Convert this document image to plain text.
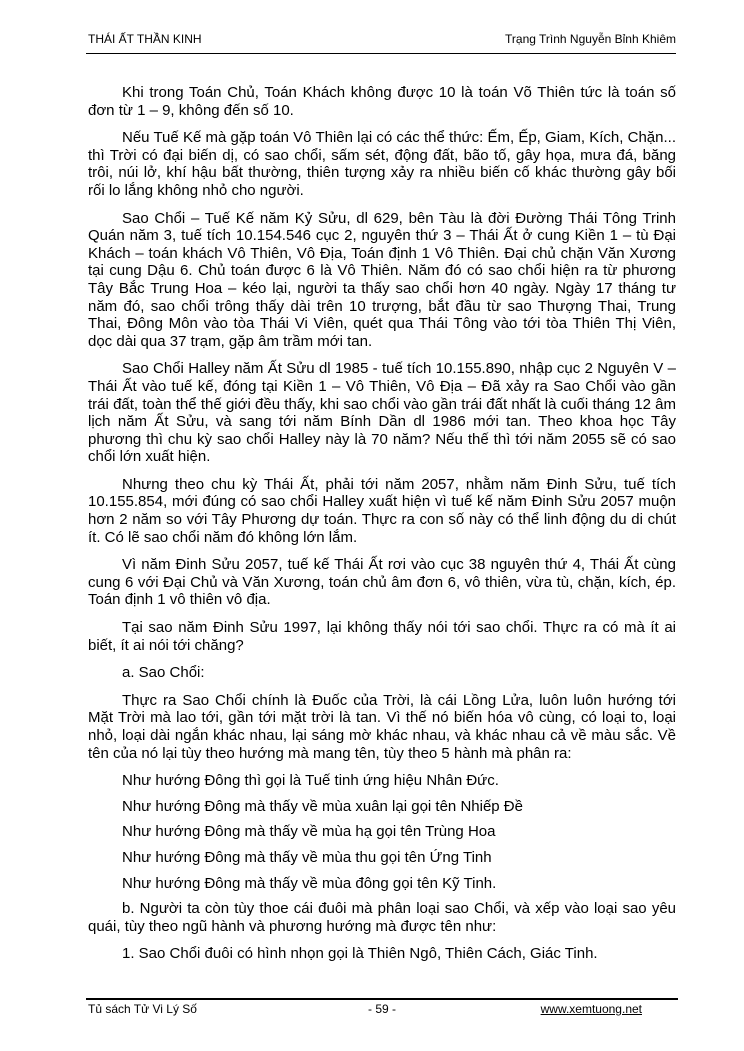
THÁI ẤT THẦN KINH	Trạng Trình Nguyễn Bỉnh Khiêm

Khi trong Toán Chủ, Toán Khách không được 10 là toán Võ Thiên tức là toán số đơn từ 1 – 9, không đến số 10.

Nếu Tuế Kế mà gặp toán Vô Thiên lại có các thể thức: Ếm, Ếp, Giam, Kích, Chặn... thì Trời có đại biến dị, có sao chổi, sấm sét, động đất, bão tố, gây họa, mưa đá, băng trôi, núi lở, khí hậu bất thường, thiên tượng xảy ra nhiều biến cố khác thường gây bối rối lo lắng không nhỏ cho người.

Sao Chổi – Tuế Kế năm Kỷ Sửu, dl 629, bên Tàu là đời Đường Thái Tông Trinh Quán năm 3, tuế tích 10.154.546 cục 2, nguyên thứ 3 – Thái Ất ở cung Kiền 1 – tù Đại Khách – toán khách Vô Thiên, Vô Địa, Toán định 1 Vô Thiên. Đại chủ chặn Văn Xương tại cung Dậu 6. Chủ toán được 6 là Vô Thiên. Năm đó có sao chổi hiện ra từ phương Tây Bắc Trung Hoa – kéo lại, người ta thấy sao chổi hơn 40 ngày. Ngày 17 tháng tư năm đó, sao chổi trông thấy dài trên 10 trượng, bắt đầu từ sao Thượng Thai, Trung Thai, Đông Môn vào tòa Thái Vi Viên, quét qua Thái Tông vào tới tòa Thiên Thị Viên, dọc dài qua 37 trạm, gặp âm trầm mới tan.

Sao Chổi Halley năm Ất Sửu dl 1985 - tuế tích 10.155.890, nhập cục 2 Nguyên V – Thái Ất vào tuế kế, đóng tại Kiền 1 – Vô Thiên, Vô Địa – Đã xảy ra Sao Chổi vào gần trái đất, toàn thể thế giới đều thấy, khi sao chổi vào gần trái đất nhất là cuối tháng 12 âm lịch năm Ất Sửu, và sang tới năm Bính Dần dl 1986 mới tan. Theo khoa học Tây phương thì chu kỳ sao chổi Halley này là 70 năm? Nếu thế thì tới năm 2055 sẽ có sao chổi lớn xuất hiện.

Nhưng theo chu kỳ Thái Ất, phải tới năm 2057, nhằm năm Đinh Sửu, tuế tích 10.155.854, mới đúng có sao chổi Halley xuất hiện vì tuế kế năm Đinh Sửu 2057 muộn hơn 2 năm so với Tây Phương dự toán. Thực ra con số này có thể linh động du di chút ít. Có lẽ sao chổi năm đó không lớn lắm.

Vì năm Đinh Sửu 2057, tuế kế Thái Ất rơi vào cục 38 nguyên thứ 4, Thái Ất cùng cung 6 với Đại Chủ và Văn Xương, toán chủ âm đơn 6, vô thiên, vừa tù, chặn, kích, ép. Toán định 1 vô thiên vô địa.

Tại sao năm Đinh Sửu 1997, lại không thấy nói tới sao chổi. Thực ra có mà ít ai biết, ít ai nói tới chăng?

a. Sao Chổi:

Thực ra Sao Chổi chính là Đuốc của Trời, là cái Lồng Lửa, luôn luôn hướng tới Mặt Trời mà lao tới, gần tới mặt trời là tan. Vì thế nó biến hóa vô cùng, có loại to, loại nhỏ, loại dài ngắn khác nhau, lại sáng mờ khác nhau, và khác nhau cả về màu sắc. Về tên của nó lại tùy theo hướng mà mang tên, tùy theo 5 hành mà phân ra:

Như hướng Đông thì gọi là Tuế tinh ứng hiệu Nhân Đức.

Như hướng Đông mà thấy về mùa xuân lại gọi tên Nhiếp Đề

Như hướng Đông mà thấy về mùa hạ gọi tên Trùng Hoa

Như hướng Đông mà thấy về mùa thu gọi tên Ứng Tinh

Như hướng Đông mà thấy về mùa đông gọi tên Kỹ Tinh.

b. Người ta còn tùy thoe cái đuôi mà phân loại sao Chổi, và xếp vào loại sao yêu quái, tùy theo ngũ hành và phương hướng mà được tên như:

1. Sao Chổi đuôi có hình nhọn gọi là Thiên Ngô, Thiên Cách, Giác Tinh.

Tủ sách Tử Vi Lý Số	- 59 -	www.xemtuong.net
